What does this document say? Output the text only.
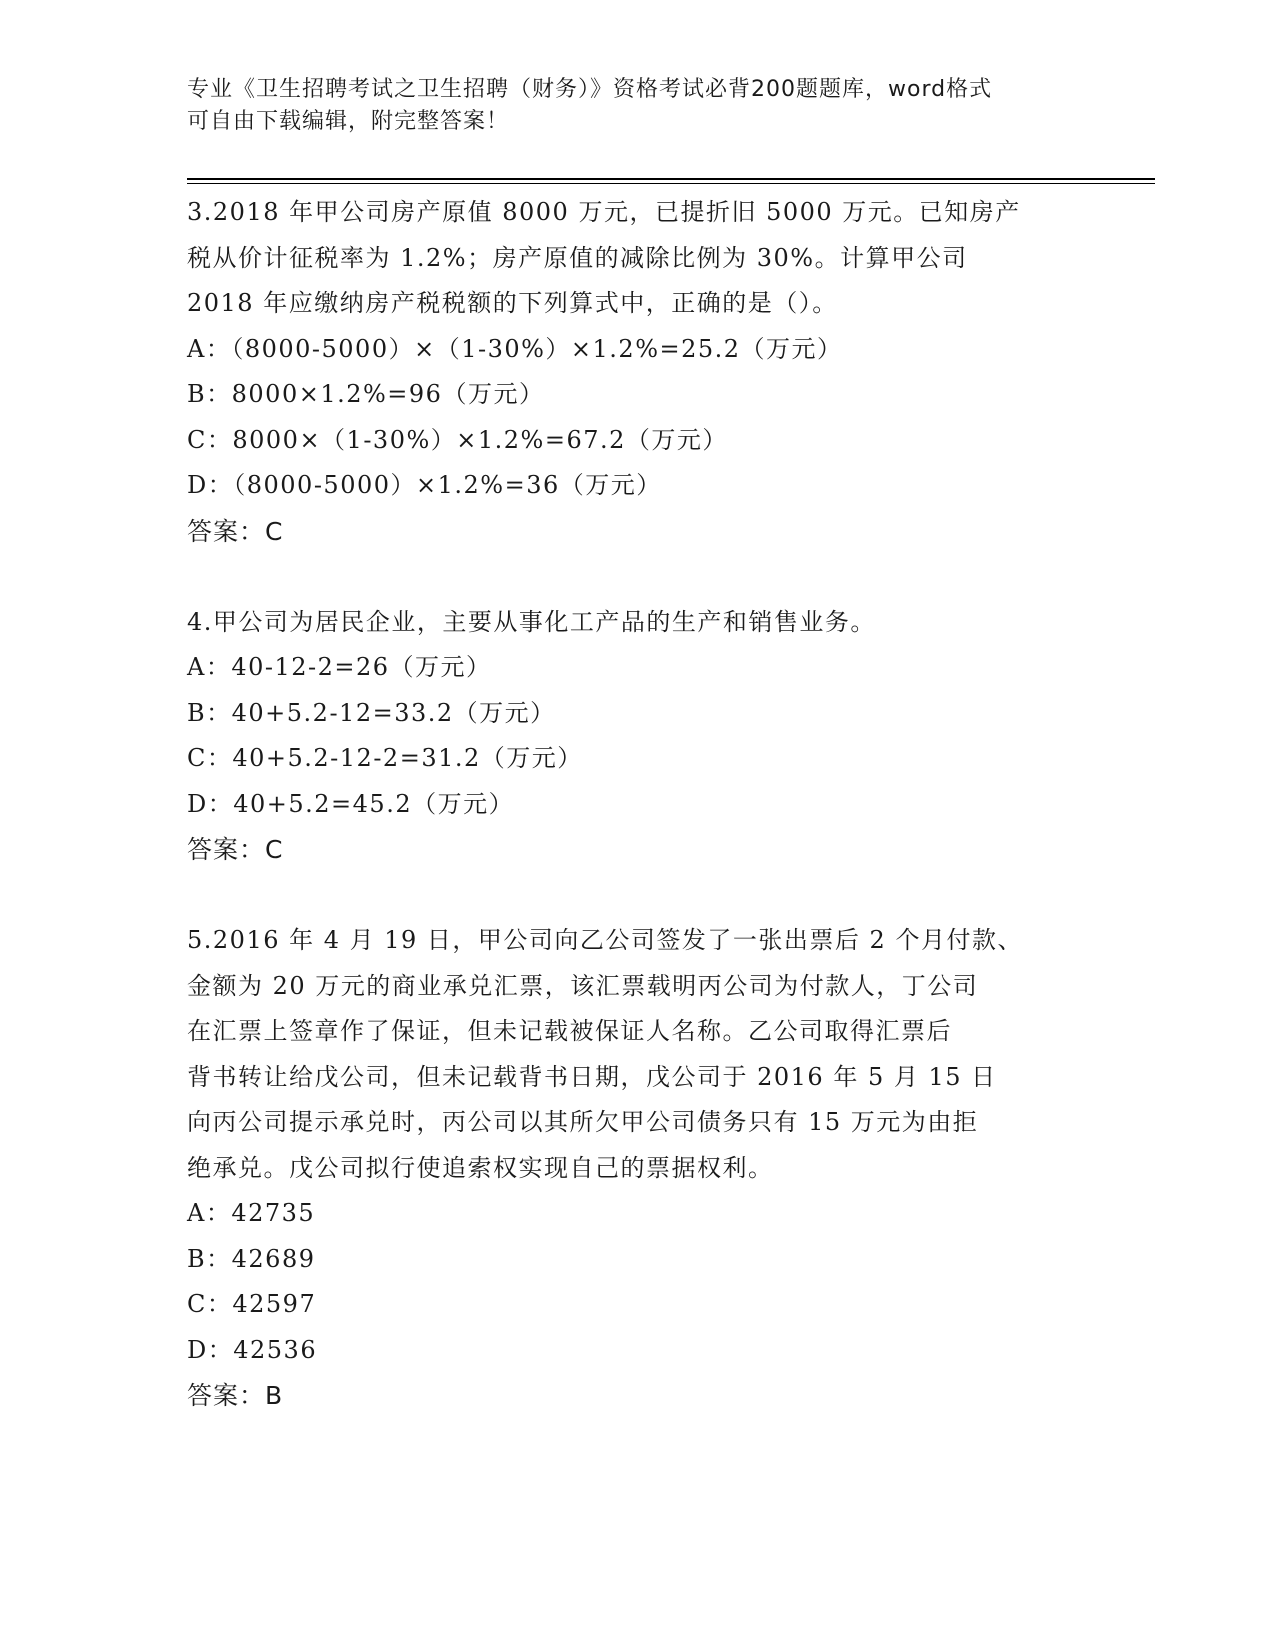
专业《卫生招聘考试之卫生招聘（财务）》资格考试必背200题题库，word格式
可自由下载编辑，附完整答案！
3.2018 年甲公司房产原值 8000 万元，已提折旧 5000 万元。已知房产
税从价计征税率为 1.2%；房产原值的减除比例为 30%。计算甲公司
2018 年应缴纳房产税税额的下列算式中，正确的是（）。
A：（8000-5000）×（1-30%）×1.2%=25.2（万元）
B：8000×1.2%=96（万元）
C：8000×（1-30%）×1.2%=67.2（万元）
D：（8000-5000）×1.2%=36（万元）
答案：C
4.甲公司为居民企业，主要从事化工产品的生产和销售业务。
A：40-12-2=26（万元）
B：40+5.2-12=33.2（万元）
C：40+5.2-12-2=31.2（万元）
D：40+5.2=45.2（万元）
答案：C
5.2016 年 4 月 19 日，甲公司向乙公司签发了一张出票后 2 个月付款、
金额为 20 万元的商业承兑汇票，该汇票载明丙公司为付款人，丁公司
在汇票上签章作了保证，但未记载被保证人名称。乙公司取得汇票后
背书转让给戊公司，但未记载背书日期，戊公司于 2016 年 5 月 15 日
向丙公司提示承兑时，丙公司以其所欠甲公司债务只有 15 万元为由拒
绝承兑。戊公司拟行使追索权实现自己的票据权利。
A：42735
B：42689
C：42597
D：42536
答案：B
